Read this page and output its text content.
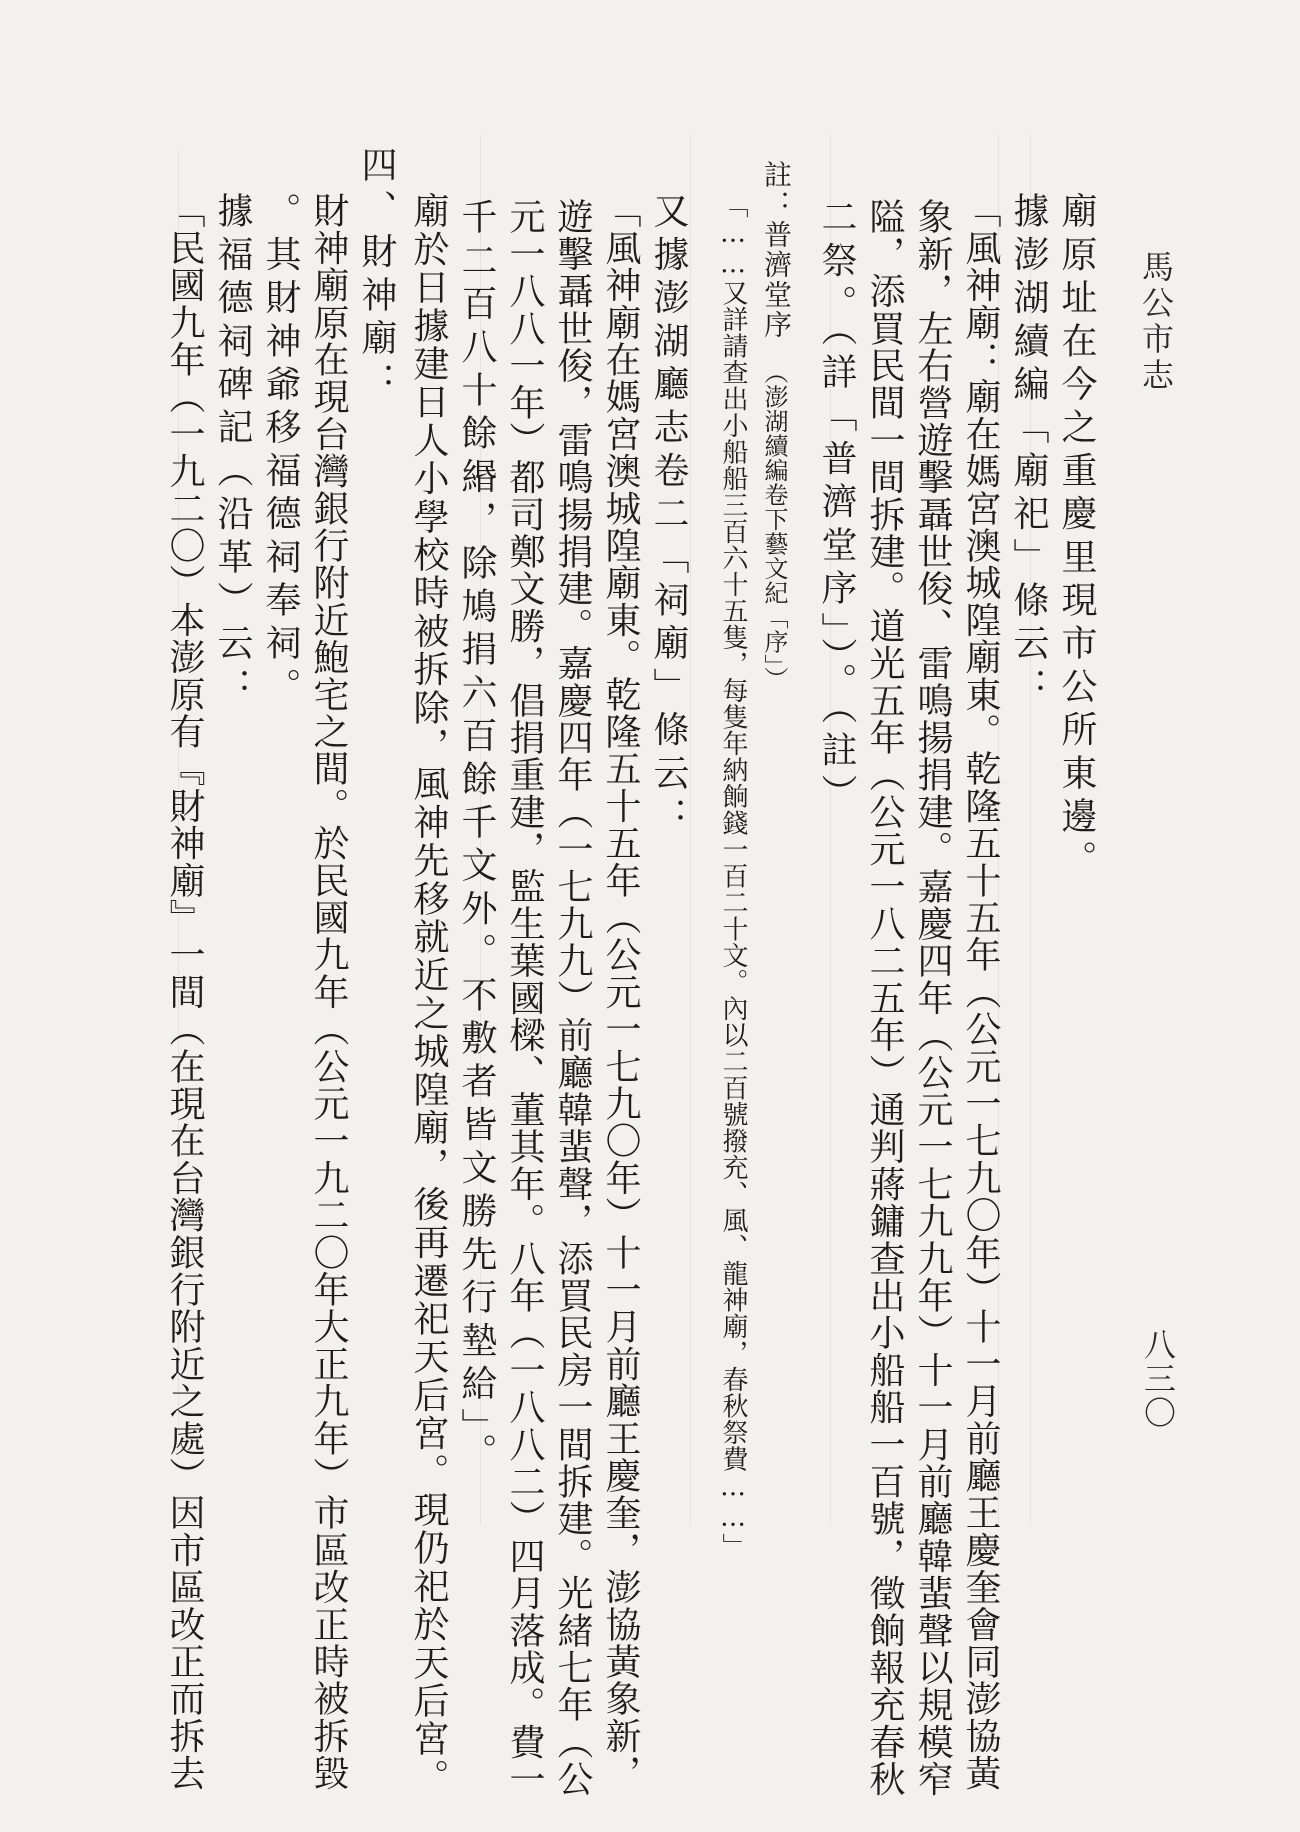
馬公市志
八三〇
廟原址在今之重慶里現市公所東邊。
據澎湖續編「廟祀」條云：
「風神廟：廟在媽宮澳城隍廟東。乾隆五十五年（公元一七九〇年）十一月前廳王慶奎會同澎協黃
象新，左右營遊擊聶世俊、雷鳴揚捐建。嘉慶四年（公元一七九九年）十一月前廳韓蜚聲以規模窄
隘，添買民間一間拆建。道光五年（公元一八二五年）通判蔣鏞查出小船船一百號，徵餉報充春秋
二祭。（詳「普濟堂序」）。（註）
註：普濟堂序
（澎湖續編卷下藝文紀「序」）
「……又詳請查出小船船三百六十五隻，每隻年納餉錢一百二十文。內以二百號撥充、風、龍神廟，春秋祭費……」
又據澎湖廳志卷二「祠廟」條云：
「風神廟在媽宮澳城隍廟東。乾隆五十五年（公元一七九〇年）十一月前廳王慶奎，澎協黃象新，
遊擊聶世俊，雷鳴揚捐建。嘉慶四年（一七九九）前廳韓蜚聲，添買民房一間拆建。光緒七年（公
元一八八一年）都司鄭文勝，倡捐重建，監生葉國樑、董其年。八年（一八八二）四月落成。費一
千二百八十餘緡，除鳩捐六百餘千文外。不敷者皆文勝先行墊給」。
廟於日據建日人小學校時被拆除，風神先移就近之城隍廟，後再遷祀天后宮。現仍祀於天后宮。
四、財神廟：
財神廟原在現台灣銀行附近鮑宅之間。於民國九年（公元一九二〇年大正九年）市區改正時被拆毀
。其財神爺移福德祠奉祠。
據福德祠碑記（沿革）云：
「民國九年（一九二〇）本澎原有『財神廟』一間（在現在台灣銀行附近之處）因市區改正而拆去
